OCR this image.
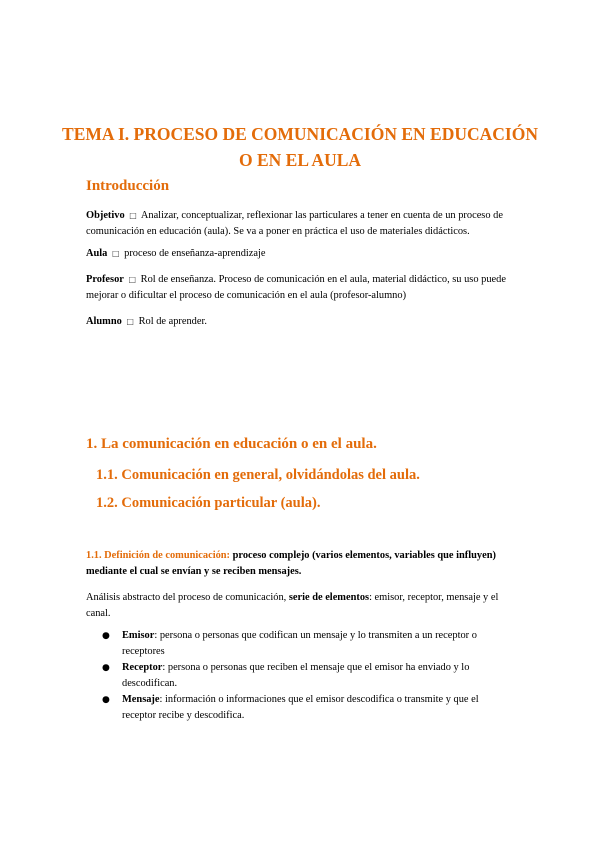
TEMA I. PROCESO DE COMUNICACIÓN EN EDUCACIÓN O EN EL AULA
Introducción

Objetivo □ Analizar, conceptualizar, reflexionar las particulares a tener en cuenta de un proceso de comunicación en educación (aula). Se va a poner en práctica el uso de materiales didácticos.

Aula □ proceso de enseñanza-aprendizaje

Profesor □ Rol de enseñanza. Proceso de comunicación en el aula, material didáctico, su uso puede mejorar o dificultar el proceso de comunicación en el aula (profesor-alumno)

Alumno □ Rol de aprender.

1. La comunicación en educación o en el aula.
1.1. Comunicación en general, olvidándolas del aula.
1.2. Comunicación particular (aula).

1.1. Definición de comunicación: proceso complejo (varios elementos, variables que influyen) mediante el cual se envían y se reciben mensajes.

Análisis abstracto del proceso de comunicación, serie de elementos: emisor, receptor, mensaje y el canal.

● Emisor: persona o personas que codifican un mensaje y lo transmiten a un receptor o receptores
● Receptor: persona o personas que reciben el mensaje que el emisor ha enviado y lo descodifican.
● Mensaje: información o informaciones que el emisor descodifica o transmite y que el receptor recibe y descodifica.
